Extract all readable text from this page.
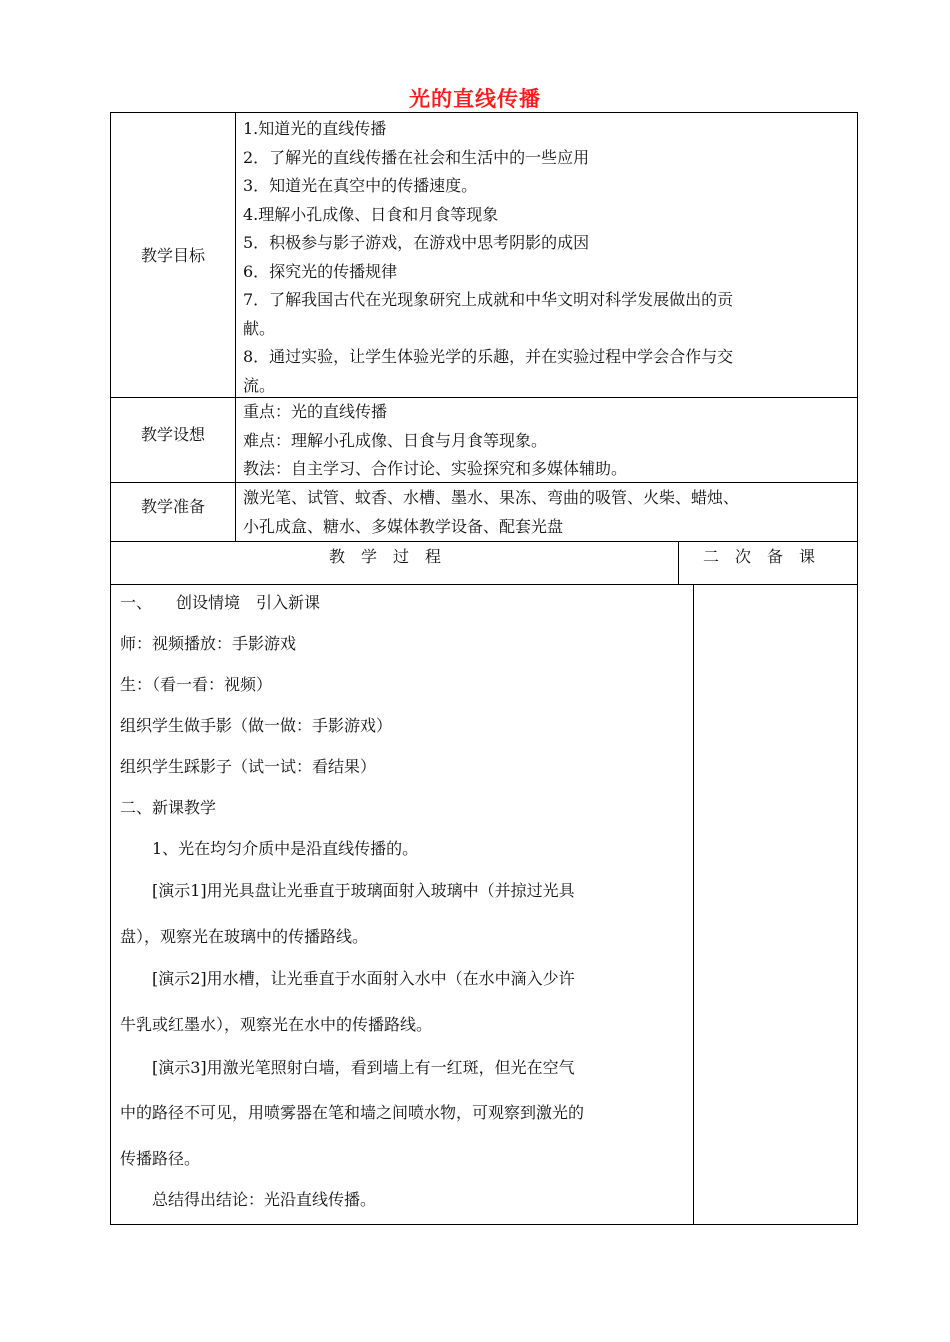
光的直线传播
教学目标
1.知道光的直线传播
2．了解光的直线传播在社会和生活中的一些应用
3．知道光在真空中的传播速度。
4.理解小孔成像、日食和月食等现象
5．积极参与影子游戏，在游戏中思考阴影的成因
6．探究光的传播规律
7．了解我国古代在光现象研究上成就和中华文明对科学发展做出的贡
献。
8．通过实验，让学生体验光学的乐趣，并在实验过程中学会合作与交
流。
教学设想
重点：光的直线传播
难点：理解小孔成像、日食与月食等现象。
教法：自主学习、合作讨论、实验探究和多媒体辅助。
教学准备	激光笔、试管、蚊香、水槽、墨水、果冻、弯曲的吸管、火柴、蜡烛、
小孔成盒、糖水、多媒体教学设备、配套光盘
教学过程	二次备课
一、　　创设情境　引入新课
师：视频播放：手影游戏
生：（看一看：视频）
组织学生做手影（做一做：手影游戏）
组织学生踩影子（试一试：看结果）
二、新课教学
　　1、光在均匀介质中是沿直线传播的。
　　[演示1]用光具盘让光垂直于玻璃面射入玻璃中（并掠过光具
盘），观察光在玻璃中的传播路线。
　　[演示2]用水槽，让光垂直于水面射入水中（在水中滴入少许
牛乳或红墨水），观察光在水中的传播路线。
　　[演示3]用激光笔照射白墙，看到墙上有一红斑，但光在空气
中的路径不可见，用喷雾器在笔和墙之间喷水物，可观察到激光的
传播路径。
　　总结得出结论：光沿直线传播。
